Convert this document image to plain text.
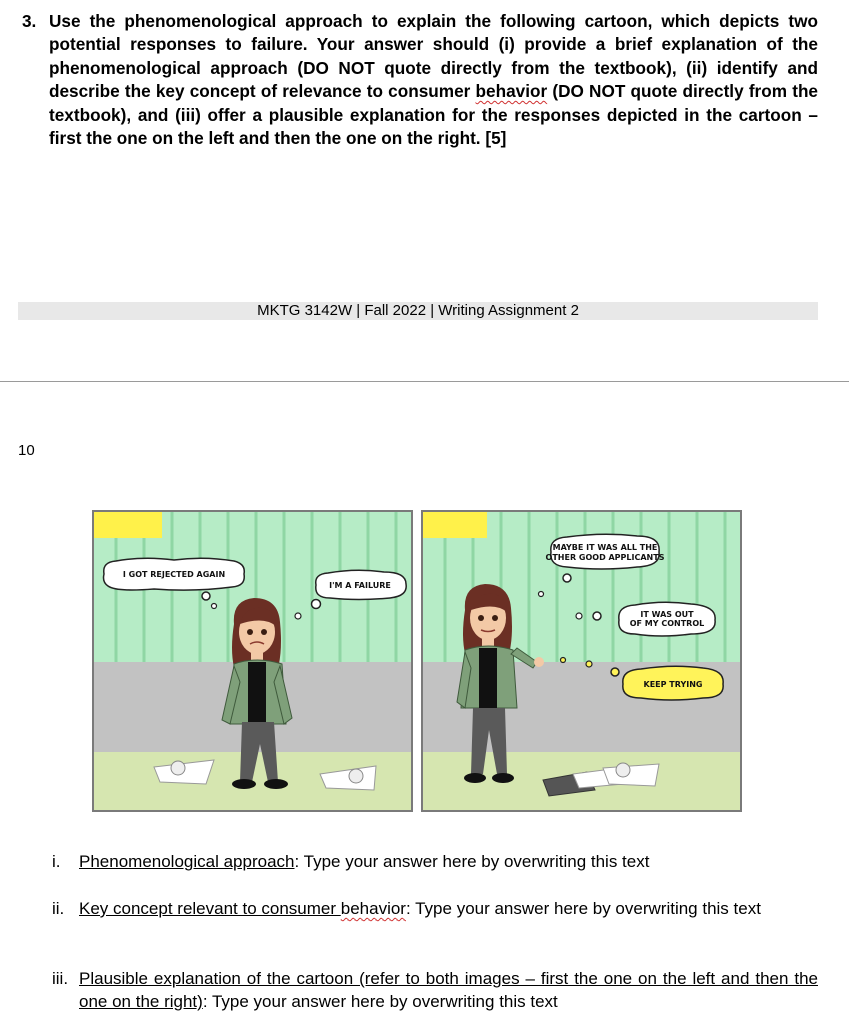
3. Use the phenomenological approach to explain the following cartoon, which depicts two potential responses to failure. Your answer should (i) provide a brief explanation of the phenomenological approach (DO NOT quote directly from the textbook), (ii) identify and describe the key concept of relevance to consumer behavior (DO NOT quote directly from the textbook), and (iii) offer a plausible explanation for the responses depicted in the cartoon – first the one on the left and then the one on the right. [5]
MKTG 3142W | Fall 2022 | Writing Assignment 2
10
I GOT REJECTED AGAIN
I'M A FAILURE
MAYBE IT WAS ALL THE
OTHER GOOD APPLICANTS
IT WAS OUT
OF MY CONTROL
KEEP TRYING
i. Phenomenological approach: Type your answer here by overwriting this text
ii. Key concept relevant to consumer behavior: Type your answer here by overwriting this text
iii. Plausible explanation of the cartoon (refer to both images – first the one on the left and then the one on the right): Type your answer here by overwriting this text
